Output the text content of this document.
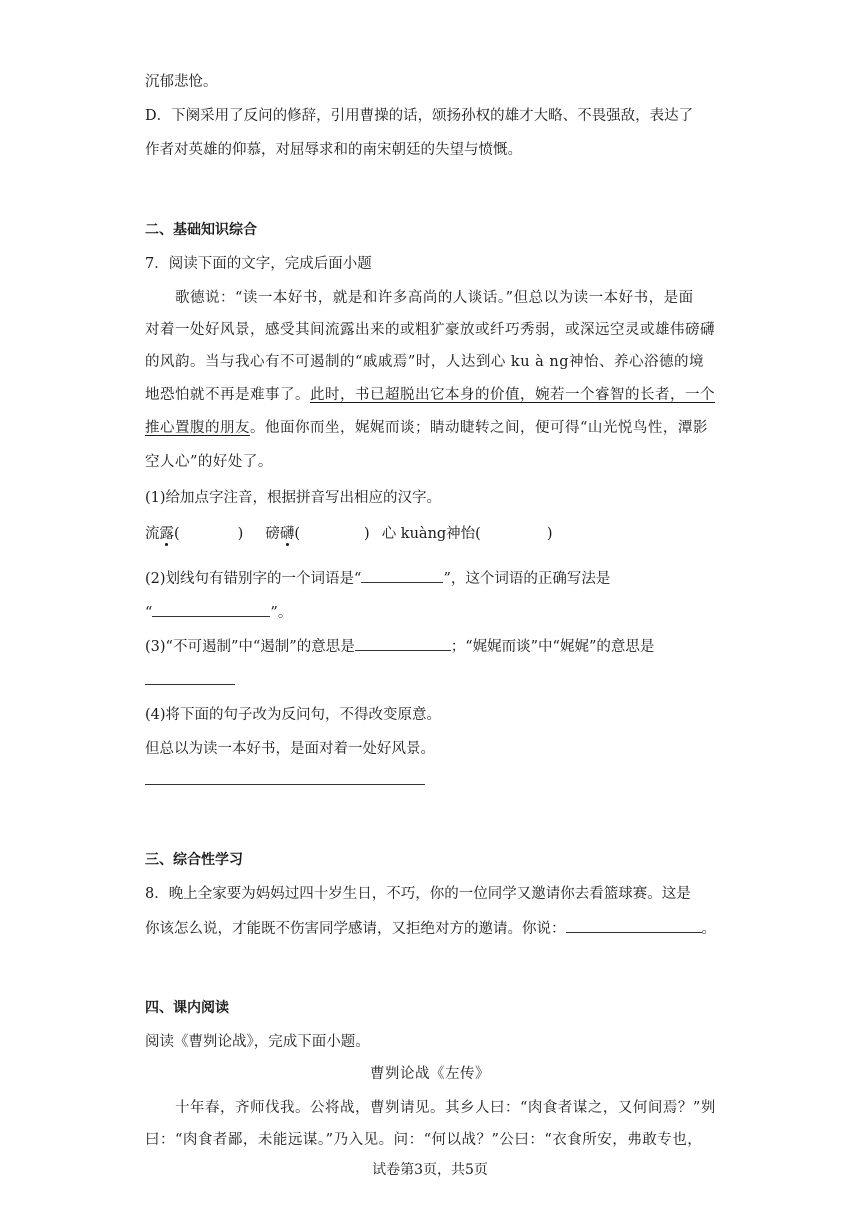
沉郁悲怆。
D．下阕采用了反问的修辞，引用曹操的话，颂扬孙权的雄才大略、不畏强敌，表达了
作者对英雄的仰慕，对屈辱求和的南宋朝廷的失望与愤慨。
二、基础知识综合
7．阅读下面的文字，完成后面小题
歌德说：“读一本好书，就是和许多高尚的人谈话。”但总以为读一本好书，是面
对着一处好风景，感受其间流露出来的或粗犷豪放或纤巧秀弱，或深远空灵或雄伟磅礴
的风韵。当与我心有不可遏制的“戚戚焉”时，人达到心 ku à ng神怡、养心浴德的境
地恐怕就不再是难事了。此时，书已超脱出它本身的价值，婉若一个睿智的长者，一个
推心置腹的朋友。他面你而坐，娓娓而谈；睛动睫转之间，便可得“山光悦鸟性，潭影
空人心”的好处了。
(1)给加点字注音，根据拼音写出相应的汉字。
流露(	) 磅礴(	) 心 kuàng神怡(	)
(2)划线句有错别字的一个词语是“	”，这个词语的正确写法是
“	”。
(3)“不可遏制”中“遏制”的意思是	；“娓娓而谈”中“娓娓”的意思是
(4)将下面的句子改为反问句，不得改变原意。
但总以为读一本好书，是面对着一处好风景。
三、综合性学习
8．晚上全家要为妈妈过四十岁生日，不巧，你的一位同学又邀请你去看篮球赛。这是
你该怎么说，才能既不伤害同学感请，又拒绝对方的邀请。你说：	。
四、课内阅读
阅读《曹刿论战》，完成下面小题。
曹刿论战《左传》
十年春，齐师伐我。公将战，曹刿请见。其乡人曰：“肉食者谋之，又何间焉？”刿
曰：“肉食者鄙，未能远谋。”乃入见。问：“何以战？”公曰：“衣食所安，弗敢专也，
试卷第3页，共5页
